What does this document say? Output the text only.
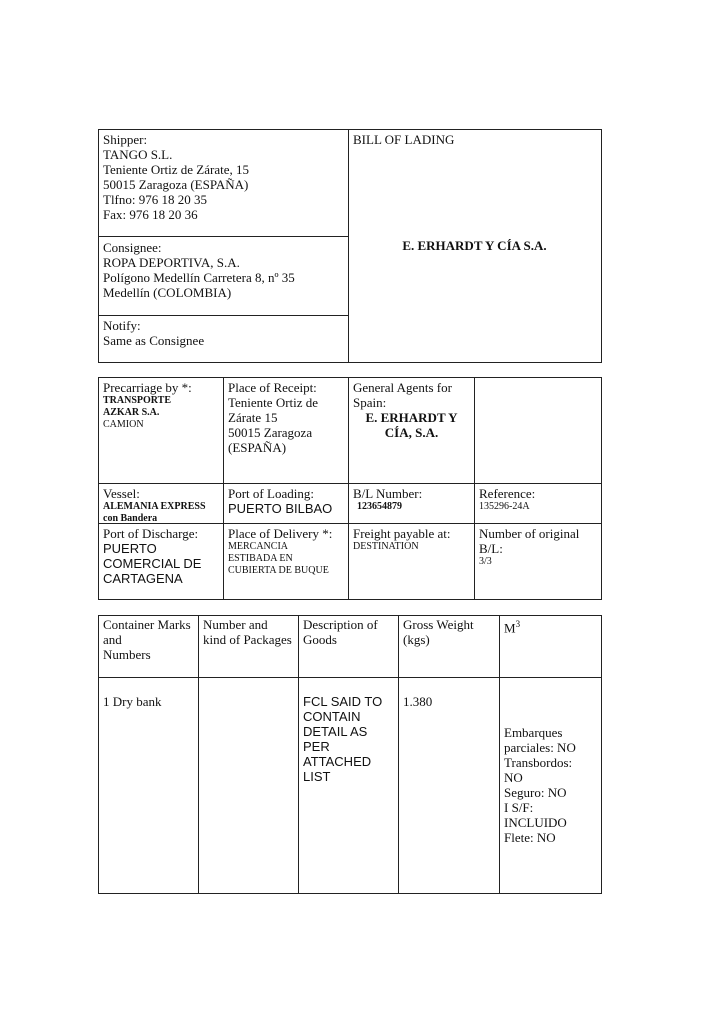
Shipper:
TANGO S.L.
Teniente Ortiz de Zárate, 15
50015 Zaragoza (ESPAÑA)
Tlfno: 976 18 20 35
Fax: 976 18 20 36
BILL OF LADING
E. ERHARDT Y CÍA S.A.
Consignee:
ROPA DEPORTIVA, S.A.
Polígono Medellín Carretera 8, nº 35
Medellín (COLOMBIA)
Notify:
Same as Consignee
Precarriage by *:
TRANSPORTE
AZKAR S.A.
CAMION
Place of Receipt:
Teniente Ortiz de
Zárate 15
50015 Zaragoza
(ESPAÑA)
General Agents for
Spain:
E. ERHARDT Y
CÍA, S.A.
Vessel:
ALEMANIA EXPRESS
con Bandera
Port of Loading:
PUERTO BILBAO
B/L Number:
123654879
Reference:
135296-24A
Port of Discharge:
PUERTO
COMERCIAL DE
CARTAGENA
Place of Delivery *:
MERCANCIA
ESTIBADA EN
CUBIERTA DE BUQUE
Freight payable at:
DESTINATION
Number of original
B/L:
3/3
Container Marks
and
Numbers
Number and
kind of Packages
Description of
Goods
Gross Weight
(kgs)
$M^3$
1 Dry bank	FCL SAID TO
CONTAIN
DETAIL AS
PER
ATTACHED
LIST
1.380
Embarques
parciales: NO
Transbordos:
NO
Seguro: NO
I S/F:
INCLUIDO
Flete: NO
